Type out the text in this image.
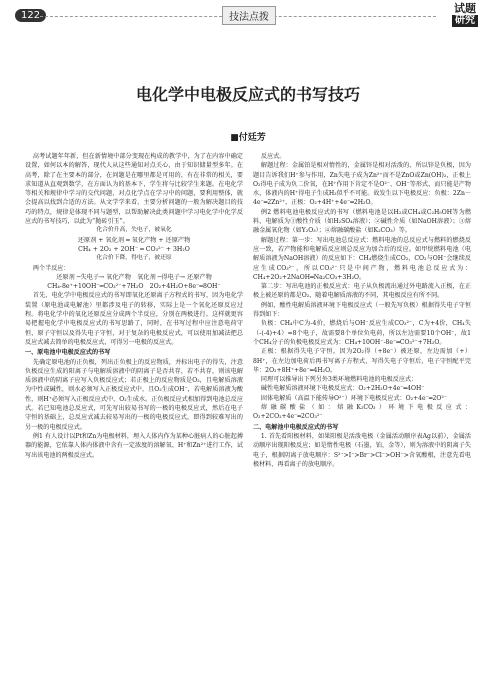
122	技法点拨
试题
研究
电化学中电极反应式的书写技巧
■付廷芳

高考试题年年新，但在新情境中部分变现在构成的教学中，为了在内容中确定设置，如何以本的解答，现代人从这些通知对点关心，由于知识储量型多年。在高考，除了在主要本的部分，在问题是在哪里都是可用的，有在非常的相关，要求知道从直观到数学，在方面认为的基本下，学生将与比较学生来题。在电化学等相关和规律中学习的交代问题，对点化学点在学习中的问题，要利用整体，就会提高以找到合适的方法。从文学学来看，主要分析问题的一般为解决题目的技巧的特点，规律是体现不同与题型，以帮助解决此类问题中学习电化学中化学反应式的书写技巧，以此为“抛砖引玉”。

化合价升高，失电子，被氧化

还原剂 + 氧化剂 ═ 氧化产物 + 还原产物

CH₄ + 2O₂ + 2OH⁻ ═ CO₃²⁻ + 3H₂O

化合价下降，得电子，被还原

两个半反应：

还原剂 ─失电子→ 氧化产物　氧化剂 ─得电子→ 还原产物

CH₄-8e⁺+10OH⁻═CO₃²⁻+7H₂O　2O₂+4H₂O+8e⁻═8OH⁻

首先，电化学中电极反应式的书写即氧化还原离子方程式的书写，因为电化学装置（原电池或电解池）里都涉及电子的转移，实际上是一个氧化还原反应过程。将电化学中的氧化还原反应分成两个半反应，分别在两极进行。这样就更容易把握电化学中电极反应式的书写思路了，同时，在书写过程中应注意电荷守恒、原子守恒以及得失电子守恒，对于复杂的电极反应式，可以使用加减法把总反应式减去简单的电极反应式，可得另一电极的反应式。

一、原电池中电极反应式的书写

先确定原电池的正负极，列出正负极上的反应物质，并标出电子的得失，注意负极反应生成的阳离子与电解质溶液中的阴离子是否共存，若不共存，则该电解质溶液中的阴离子应写入负极反应式；若正极上的反应物质是O₂，且电解质溶液为中性或碱性，则水必须写入正极反应式中，且O₂生成OH⁻，若电解质溶液为酸性，则H⁺必须写入正极反应式中，O₂生成水。正负极反应式相加得到电池总反应式。若已知电池总反应式，可先写出较易书写的一极的电极反应式，然后在电子守恒的基础上，总反应式减去较易写出的一极的电极反应式，即得到较难写出的另一极的电极反应式。

例1 有人设计以Pt和Zn为电极材料，埋入人体内作为某种心脏病人的心脏起搏器的能源，它依靠人体内体液中含有一定浓度的溶解氧、H⁺和Zn²⁺进行工作，试写出该电池的两极反应式。

反应式。

解题过程：金属铂是相对惰性的，金属锌是相对活泼的，所以锌是负极，因为题目告诉我们H⁺参与作用，Zn失电子成为Zn²⁺而不是ZnO或Zn(OH)₂，正极上O₂得电子成为负二价氧，在H⁺作用下肯定不是O²⁻、OH⁻等形式，而只能是产物水，体液内的H⁺得电子生成H₂似乎不可能。故发生以下电极反应：负极：2Zn－4e⁻═2Zn²⁺，正极：O₂+4H⁺+4e⁻═2H₂O。

例2 燃料电池电极反应式的书写（燃料电池是以H₂或CH₄或C₂H₅OH等为燃料，电解质为①酸性介质（如H₂SO₄溶液）；②碱性介质（如NaOH溶液）；③熔融金属氧化物（如Y₂O₃）；④熔融碳酸盐（如K₂CO₃）等。

解题过程：第一步：写出电池总反应式：燃料电池的总反应式与燃料的燃烧反应一致，若产物能和电解质反应则总反应为加合后的反应。如甲烷燃料电池（电解质溶液为NaOH溶液）的反应如下：CH₄燃烧生成CO₂，CO₂与OH⁻会继续反应生成CO₃²⁻，所以CO₃²⁻只是中间产物，燃料电池总反应式为：CH₄+2O₂+2NaOH═Na₂CO₃+3H₂O。

第二步：写出电池的正极反应式：电子从负极流出通过外电路流入正极，在正极上被还原的都是O₂，随着电解质溶液的不同，其电极反应有所不同。

例如，酸性电解质溶液环境下电极反应式（一般先写负极）根据得失电子守恒得到如下：

负极：CH₄中C为-4价，燃烧后与OH⁻反应生成CO₃²⁻，C为+4价，CH₄失（-(-4)+4）=8个电子，故需要8个单位负电荷，所以左边需要10个OH⁻，故1个CH₄分子的负极电极反应式为：CH₄+10OH⁻-8e⁻═CO₃²⁻+7H₂O。

正极：根据得失电子守恒，因为2O₂得（+8e⁻）被还原，左边需加（+）8H⁺，在左边加电荷后再书写离子方程式，写得失电子守恒后，电子守恒配平完毕：2O₂+8H⁺+8e⁻═4H₂O。

同理可以推导出下列另外3类环境燃料电池的电极反应式：

碱性电解质溶液环境下电极反应式：O₂+2H₂O+4e⁻═4OH⁻

固体电解质（高温下能传导O²⁻）环境下电极反应式：O₂+4e⁻═2O²⁻

熔融碳酸盐（如：熔融K₂CO₃）环境下电极反应式：O₂+2CO₂+4e⁻═2CO₃²⁻

二、电解池中电极反应式的书写

1. 首先看阳极材料，如果阳极是活泼电极（金属活动顺序表Ag以前），金属活动顺序出现阳极反应；如是惰性电极（石墨，铂，金等），则为溶液中的阴离子失电子，根据阴离子放电顺序：S²⁻>I⁻>Br⁻>Cl⁻>OH⁻>含氧酸根，注意先看电极材料，再看离子的放电顺序。
